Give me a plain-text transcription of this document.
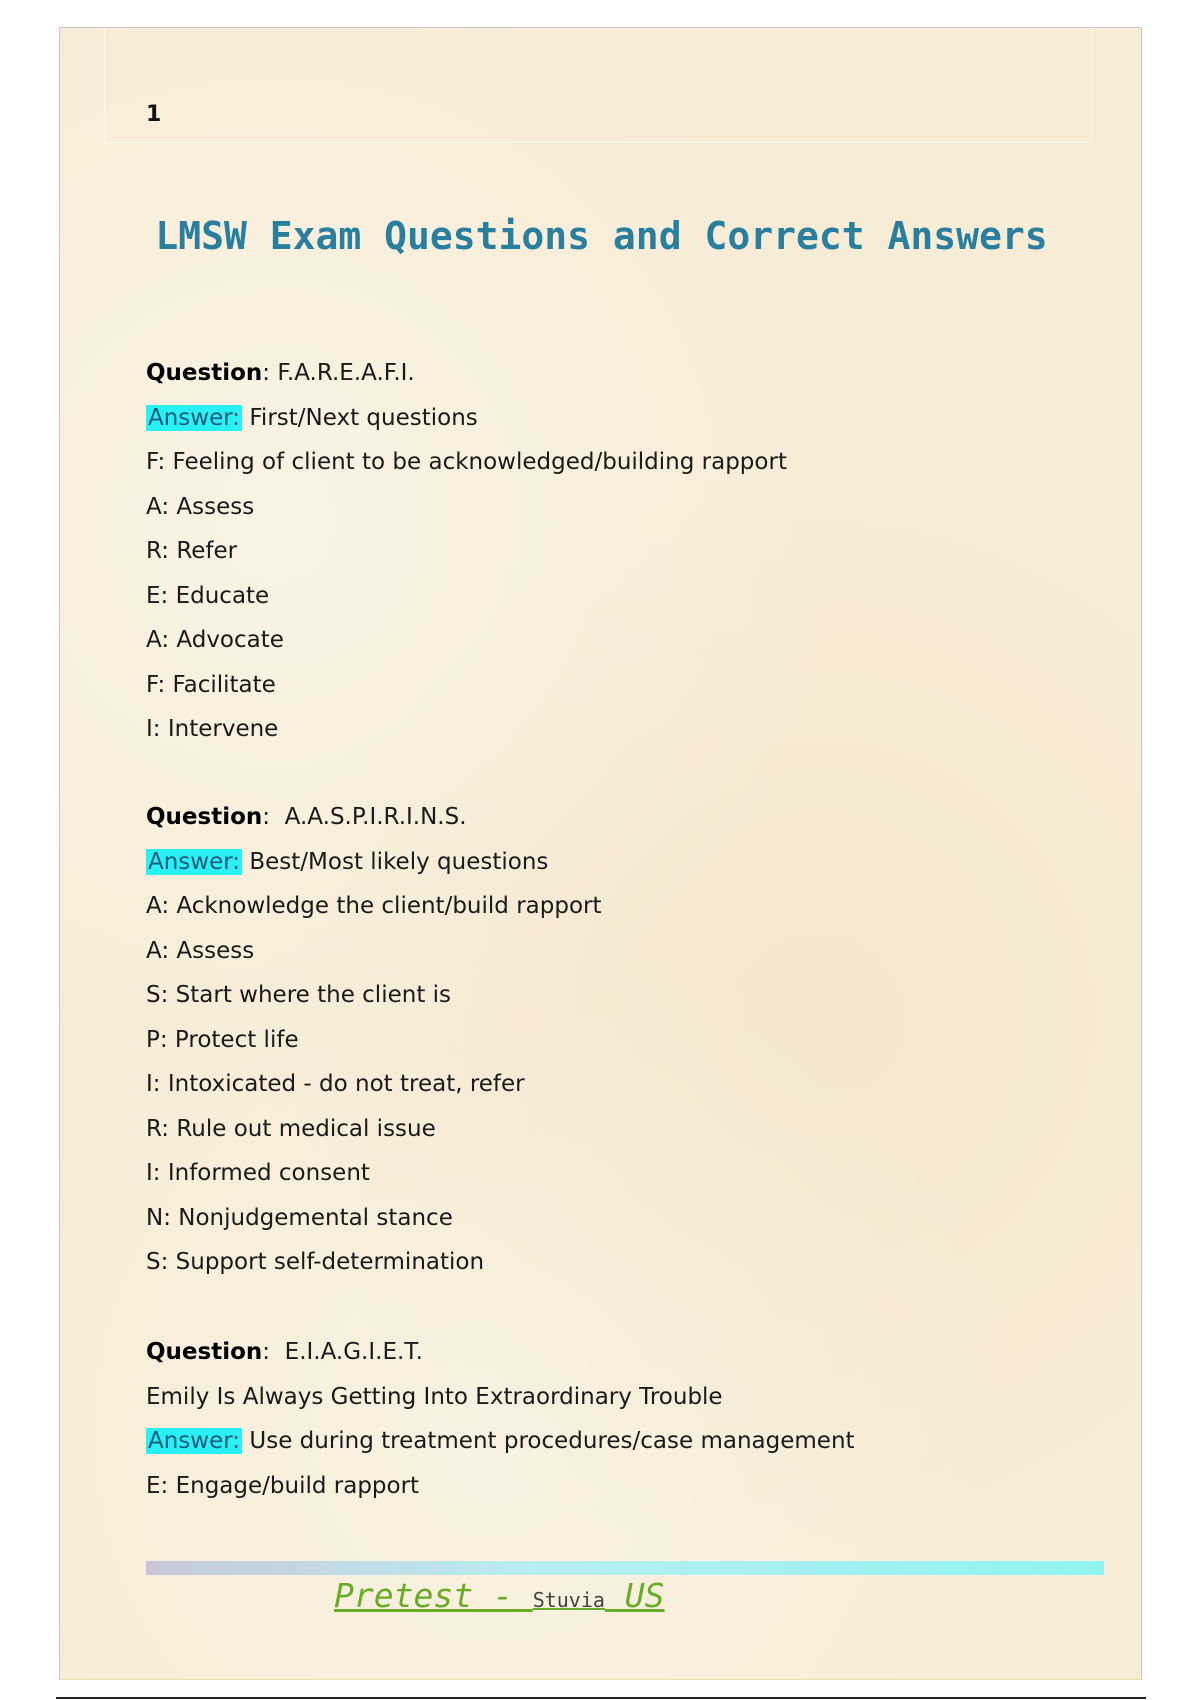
1
LMSW Exam Questions and Correct Answers
Question: F.A.R.E.A.F.I.
Answer: First/Next questions
F: Feeling of client to be acknowledged/building rapport
A: Assess
R: Refer
E: Educate
A: Advocate
F: Facilitate
I: Intervene
Question:  A.A.S.P.I.R.I.N.S.
Answer: Best/Most likely questions
A: Acknowledge the client/build rapport
A: Assess
S: Start where the client is
P: Protect life
I: Intoxicated - do not treat, refer
R: Rule out medical issue
I: Informed consent
N: Nonjudgemental stance
S: Support self-determination
Question:  E.I.A.G.I.E.T.
Emily Is Always Getting Into Extraordinary Trouble
Answer: Use during treatment procedures/case management
E: Engage/build rapport
Pretest - Stuvia US
